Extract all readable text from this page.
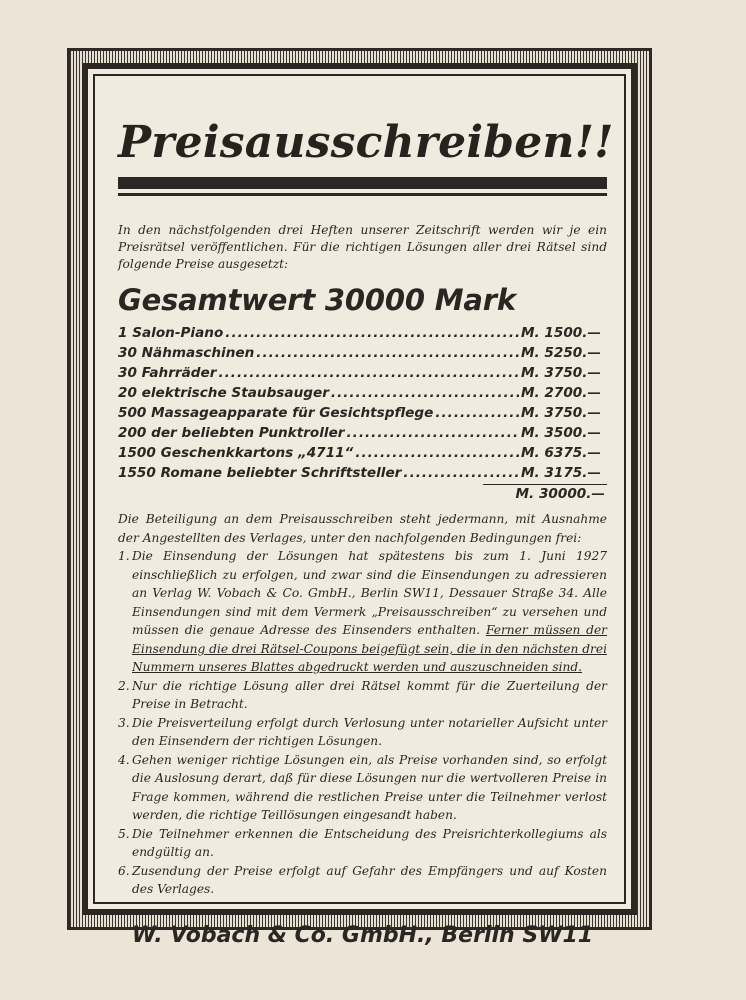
Preisausschreiben!!

In den nächstfolgenden drei Heften unserer Zeitschrift werden wir je ein Preisrätsel veröffentlichen. Für die richtigen Lösungen aller drei Rätsel sind folgende Preise ausgesetzt:

Gesamtwert 30000 Mark
1 Salon-Piano .....	M. 1500.—
30 Nähmaschinen .....	M. 5250.—
30 Fahrräder .....	M. 3750.—
20 elektrische Staubsauger .....	M. 2700.—
500 Massageapparate für Gesichtspflege .....	M. 3750.—
200 der beliebten Punktroller .....	M. 3500.—
1500 Geschenkkartons „4711“ .....	M. 6375.—
1550 Romane beliebter Schriftsteller .....	M. 3175.—
M. 30000.—

Die Beteiligung an dem Preisausschreiben steht jedermann, mit Ausnahme der Angestellten des Verlages, unter den nachfolgenden Bedingungen frei:

1. Die Einsendung der Lösungen hat spätestens bis zum 1. Juni 1927 einschließlich zu erfolgen, und zwar sind die Einsendungen zu adressieren an Verlag W. Vobach & Co. GmbH., Berlin SW11, Dessauer Straße 34. Alle Einsendungen sind mit dem Vermerk „Preisausschreiben“ zu versehen und müssen die genaue Adresse des Einsenders enthalten. Ferner müssen der Einsendung die drei Rätsel-Coupons beigefügt sein, die in den nächsten drei Nummern unseres Blattes abgedruckt werden und auszuschneiden sind.
2. Nur die richtige Lösung aller drei Rätsel kommt für die Zuerteilung der Preise in Betracht.
3. Die Preisverteilung erfolgt durch Verlosung unter notarieller Aufsicht unter den Einsendern der richtigen Lösungen.
4. Gehen weniger richtige Lösungen ein, als Preise vorhanden sind, so erfolgt die Auslosung derart, daß für diese Lösungen nur die wertvolleren Preise in Frage kommen, während die restlichen Preise unter die Teilnehmer verlost werden, die richtige Teillösungen eingesandt haben.
5. Die Teilnehmer erkennen die Entscheidung des Preisrichterkollegiums als endgültig an.
6. Zusendung der Preise erfolgt auf Gefahr des Empfängers und auf Kosten des Verlages.
W. Vobach & Co. GmbH., Berlin SW11
